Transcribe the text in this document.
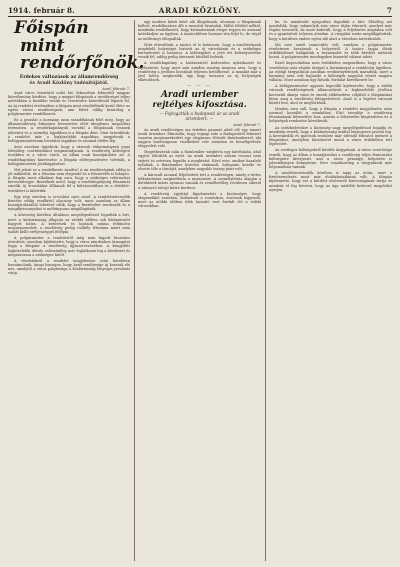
1914. február 8.	ARADI KÖZLÖNY.	7
Főispán
mint rendőrfőnök.
Érdekes változások az államrendőrség
és Aradi Közlöny tudósítójától.
Arad, február 7.

Arad város leiratáról szóló hír, fokozottan felmerült magyar közvélemény kérdése, hogy a megyei főispánok a rendőrséget teljes mértékben a kezükbe veszik és vezetésére közvetlenül lépnek fel. Az új rendelet értelmében a főispán mint rendőrfőnök kerül élére az egész városi rendőrségnek, ami felett eddig kizárólag a polgármester rendelkezett.

Ez a javaslat a kormány azon szándékának felel meg, hogy az államrendőrség fokozatos bevezetése előtt ideiglenes megoldást teremtsen. A rendőrkapitányok ezentúl a főispánnak tesznek jelentést és a személyi ügyekben is a főispán dönt. Mint értesülünk, a rendelet már a legközelebbi napokban megjelenik a belügyminisztérium hivatalos lapjában és azonnal életbe lép.

Arra azonban ügyelnek, hogy a városok önkormányzati jogai lehetőleg csorbítatlanul megmaradjanak. A rendőrség költségeit továbbra is a város viseli, az állam csak hozzájárulást ad. A rendőrkapitány kinevezése a főispán előterjesztésére történik, a belügyminiszter jóváhagyásával.

Mit jelent ez a rendelkezés Aradra? A mi rendőrségünk eddig is jól működött, de a létszám nem elegendő és a felszerelés is hiányos. A főispán most alkalmat kap arra, hogy a szükséges reformokat keresztülvigye. Beszélnek arról, hogy a rendőrlegénység létszámát emelik, új őrszobákat állítanak fel a külvárosokban és a detektív-testületet is kibővítik.

Egy régi sérelem is orvoslást nyer ezzel. A rendőrtisztviselők fizetése eddig rendkívül alacsony volt, most azonban az állam hozzájárulásából lehetővé válik, hogy a fizetéseket rendezzék és a nyugdíjviszonyokat is méltányosan megállapítsák.

A közönség körében általános megelégedéssel fogadták a hírt, mert a közbiztonság állapota az utóbbi időben sok kívánnivalót hagyott hátra. A betörések és lopások száma feltűnően megszaporodott, a rendőrség pedig csekély létszáma miatt nem tudott kellő erélyességgel fellépni.

A polgármester a rendeletről még nem kapott hivatalos értesítést, azonban kijelentette, hogy a város mindenben támogatni fogja a főispánt a rendőrség újjászervezésében. A közgyűlés legközelebbi ülésén valószínűleg már foglalkozni fog a kérdéssel és megszavazza a szükséges hitelt.

A részletekről a rendelet megjelenése után bővebben beszámolunk. Annyi bizonyos, hogy Arad rendőrsége új korszak elé néz, amelytől a város polgársága a közbiztonság lényeges javulását várja.

egy modern kávéi kávé alá illegálisnak, ahonnan a főispánnak kellett, rendelkezésre állt a mondott hivatalok. Millió feltétel nélkül, mindenki rendelkezett, hogy kívánalmának eleget tegyen és azonnal intézkedjen az ügyben. A tanácsülésen hosszas vita folyt le, de végül az indítványt elfogadták.

Mint értesülünk, a tanács el is határozta, hogy a rendőrségnek megfelelő helyiséget biztosít az új városházán és a szükséges berendezést is beszerzi. A költségeket a jövő évi költségvetésbe veszik fel, addig pedig átmeneti hitelből fedezik.

A rendőrkapitány a határozatról kedvezően nyilatkozott és kijelentette, hogy most már minden remény megvan arra, hogy a rendőrség a jövőben hivatását teljesen betölthesse. A munkát már a jövő héten megkezdik, úgy hogy tavaszra az új helyiségek elkészülnek.

— — —
Aradi uriember
rejtélyes kifosztása.
— Fojtogatták a budapesti úr az aradi
úriembert. —
Arad, február 7.

Az aradi rendőrségen ma érdekes panaszt adott elő egy ismert aradi úriember. Elmondta, hogy tegnap este a Budapestről érkezett vonaton megismerkedett egy elegánsan öltözött fiatalemberrel, aki nagyon barátságosan viselkedett vele szemben és beszélgetésbe elegyedett vele.

Megérkezésük után a fiatalember meghívta egy kávéházba, ahol együtt töltötték az estét. Az aradi úriember semmi rosszat nem sejtett és szívesen fogadta a meghívást. Késő este, amikor hazafelé indultak, a fiatalember hirtelen rátámadt, fojtogatni kezdte és elvette tőle a tárcáját, amelyben nagyobb összeg pénz volt.

A károsult azonnal feljelentést tett a rendőrségen, amely a tettes felkutatására megindította a nyomozást. A személyleírás alapján a detektívek máris nyomon vannak és remélhetőleg rövidesen sikerül a vakmerő tolvajt kézre keríteni.

A rendőrség egyúttal figyelmezteti a közönséget, hogy idegenekkel szemben, különösen a vonatokon, óvatosak legyenek, mert az utóbbi időben több hasonló eset fordult elő a vidéki városokban.

be, és mindenütt nyugodtan fogadták a hírt. Előzőleg azt gondolták, hogy valamelyik más város útján érkezett, amelyet már régóta kerestek, de most kiderült, hogy a feljelentés alaptalan volt és a gyanúsított teljesen ártatlan. A vizsgálat során megállapították, hogy a kérdéses ember egész idő alatt a városban tartózkodott.

Ma este ismét tanácsülés volt, amelyen a polgármester részletesen beszámolt a helyzetről. A tanács tagjai élénk érdeklődéssel hallgatták a beszámolót és több kérdést intéztek hozzá. A polgármester mindegyikre kimerítő választ adott.

Ezzel kapcsolatban nem érdektelen megemlíteni, hogy a város vezetősége már régóta tárgyal a kormánnyal a rendőrség ügyében. Az eddigi tárgyalások azonban eredménytelenek maradtak, mert a kormány nem volt hajlandó a költségek nagyobb részét magára vállalni. Most azonban úgy látszik, fordulat következett be.

A belügyminiszter ugyanis legutóbb kijelentette, hogy a vidéki városok rendőrségének államosítását a legközelebbi jövőben keresztül akarja vinni és ennek előkészítése céljából a főispánokat bízza meg a rendőrség felügyeletével. Arad is a legelső városok között lesz, ahol ez megtörténik.

Minden arra vall, hogy a főispán a rendelet megjelenése után azonnal hozzálát a munkához. Első teendője a rendőrség létszámának felemelése lesz, azután a felszerelés kiegészítése és a helyiségek rendezése következik.

Az intézkedéseket a közönség nagy megelégedéssel fogadja és mindenki reméli, hogy a közbiztonság ezáltal lényegesen javulni fog. A kereskedők és iparosok testülete már üdvözlő feliratot intézett a főispánhoz, amelyben köszönetet mond a város érdekében tett lépéseiért.

Az esetleges költségekről később tárgyalnak. A város vezetősége reméli, hogy az állam a hozzájárulást a rendőrség teljes fenntartási költségeire kiterjeszti, ami a város pénzügyi helyzetén is jelentékenyen könnyítene. Erre vonatkozólag a tárgyalások már folyamatban vannak.

A rendőrtisztviselők körében is nagy az öröm, mert a fizetésrendezés most már elodázhatatlanná vált. A főispán kijelentette, hogy ezt a kérdést elsőrendű fontosságúnak tartja és mindent el fog követni, hogy az ügy mielőbb kedvező megoldást nyerjen.
